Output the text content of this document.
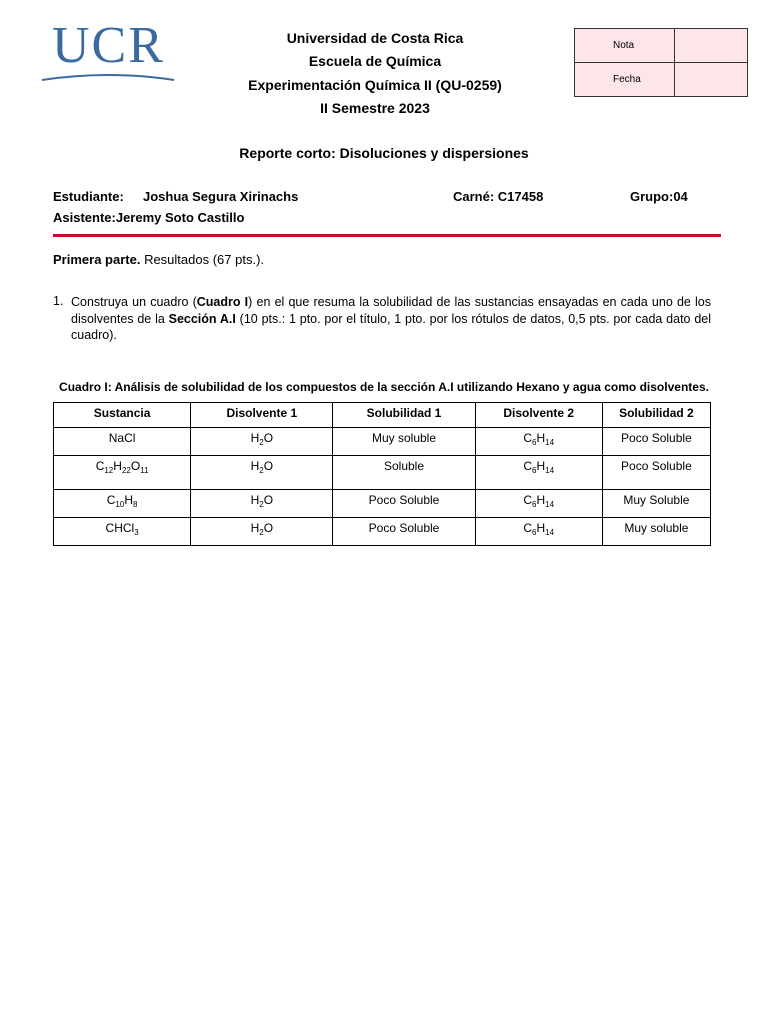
UCR	Universidad de Costa Rica
Escuela de Química
Experimentación Química II (QU-0259)
II Semestre 2023
Nota	
Fecha	
Reporte corto: Disoluciones y dispersiones
Estudiante: Joshua Segura Xirinachs	Carné: C17458	Grupo:04
Asistente:Jeremy Soto Castillo
Primera parte. Resultados (67 pts.).
1. Construya un cuadro (Cuadro I) en el que resuma la solubilidad de las sustancias ensayadas en cada uno de los disolventes de la Sección A.I (10 pts.: 1 pto. por el título, 1 pto. por los rótulos de datos, 0,5 pts. por cada dato del cuadro).
Cuadro I: Análisis de solubilidad de los compuestos de la sección A.I utilizando Hexano y agua como disolventes.
Sustancia	Disolvente 1	Solubilidad 1	Disolvente 2	Solubilidad 2
NaCl	$H_2O$	Muy soluble	$C_6H_{14}$	Poco Soluble
$C_{12}H_{22}O_{11}$	$H_2O$	Soluble	$C_6H_{14}$	Poco Soluble
$C_{10}H_8$	$H_2O$	Poco Soluble	$C_6H_{14}$	Muy Soluble
CHCl$_3$	$H_2O$	Poco Soluble	$C_6H_{14}$	Muy soluble
